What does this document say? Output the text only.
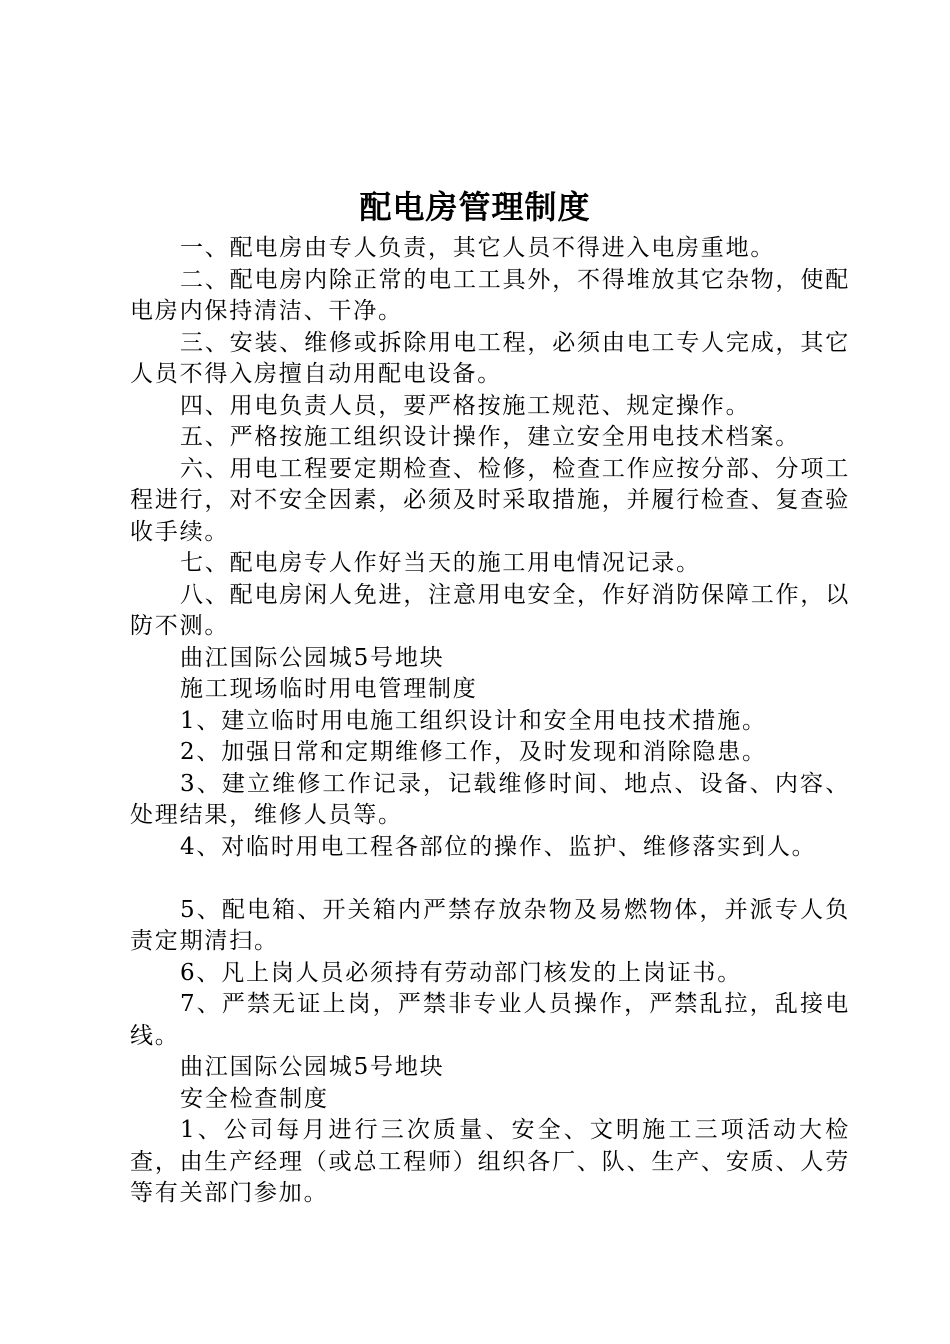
配电房管理制度

一、配电房由专人负责，其它人员不得进入电房重地。

二、配电房内除正常的电工工具外，不得堆放其它杂物，使配电房内保持清洁、干净。

三、安装、维修或拆除用电工程，必须由电工专人完成，其它人员不得入房擅自动用配电设备。

四、用电负责人员，要严格按施工规范、规定操作。

五、严格按施工组织设计操作，建立安全用电技术档案。

六、用电工程要定期检查、检修，检查工作应按分部、分项工程进行，对不安全因素，必须及时采取措施，并履行检查、复查验收手续。

七、配电房专人作好当天的施工用电情况记录。

八、配电房闲人免进，注意用电安全，作好消防保障工作，以防不测。

曲江国际公园城5号地块

施工现场临时用电管理制度

1、建立临时用电施工组织设计和安全用电技术措施。

2、加强日常和定期维修工作，及时发现和消除隐患。

3、建立维修工作记录，记载维修时间、地点、设备、内容、处理结果，维修人员等。

4、对临时用电工程各部位的操作、监护、维修落实到人。

5、配电箱、开关箱内严禁存放杂物及易燃物体，并派专人负责定期清扫。

6、凡上岗人员必须持有劳动部门核发的上岗证书。

7、严禁无证上岗，严禁非专业人员操作，严禁乱拉，乱接电线。

曲江国际公园城5号地块

安全检查制度

1、公司每月进行三次质量、安全、文明施工三项活动大检查，由生产经理（或总工程师）组织各厂、队、生产、安质、人劳等有关部门参加。
